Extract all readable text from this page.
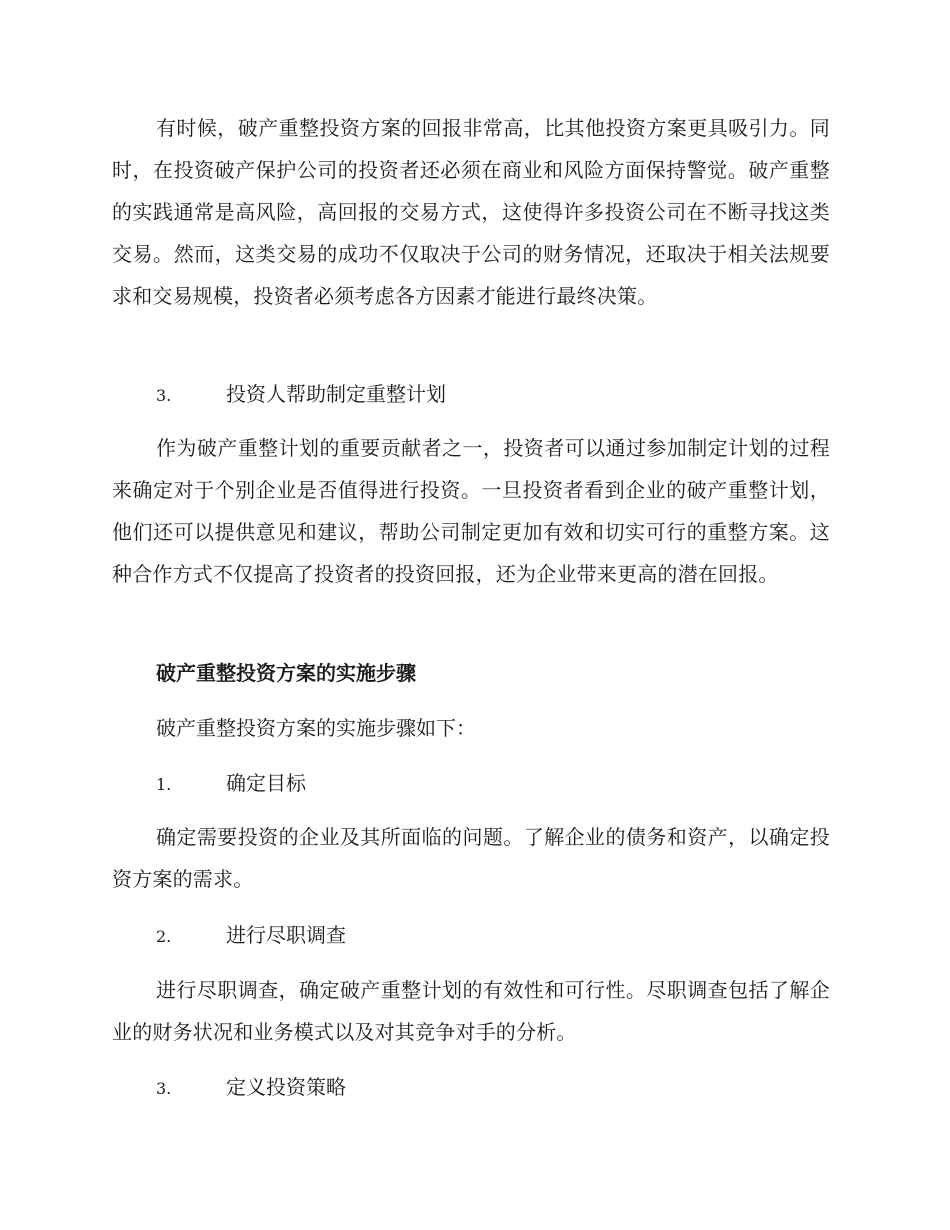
有时候，破产重整投资方案的回报非常高，比其他投资方案更具吸引力。同时，在投资破产保护公司的投资者还必须在商业和风险方面保持警觉。破产重整的实践通常是高风险，高回报的交易方式，这使得许多投资公司在不断寻找这类交易。然而，这类交易的成功不仅取决于公司的财务情况，还取决于相关法规要求和交易规模，投资者必须考虑各方因素才能进行最终决策。

3.	投资人帮助制定重整计划

作为破产重整计划的重要贡献者之一，投资者可以通过参加制定计划的过程来确定对于个别企业是否值得进行投资。一旦投资者看到企业的破产重整计划，他们还可以提供意见和建议，帮助公司制定更加有效和切实可行的重整方案。这种合作方式不仅提高了投资者的投资回报，还为企业带来更高的潜在回报。

破产重整投资方案的实施步骤

破产重整投资方案的实施步骤如下：

1.	确定目标

确定需要投资的企业及其所面临的问题。了解企业的债务和资产，以确定投资方案的需求。

2.	进行尽职调查

进行尽职调查，确定破产重整计划的有效性和可行性。尽职调查包括了解企业的财务状况和业务模式以及对其竞争对手的分析。

3.	定义投资策略
